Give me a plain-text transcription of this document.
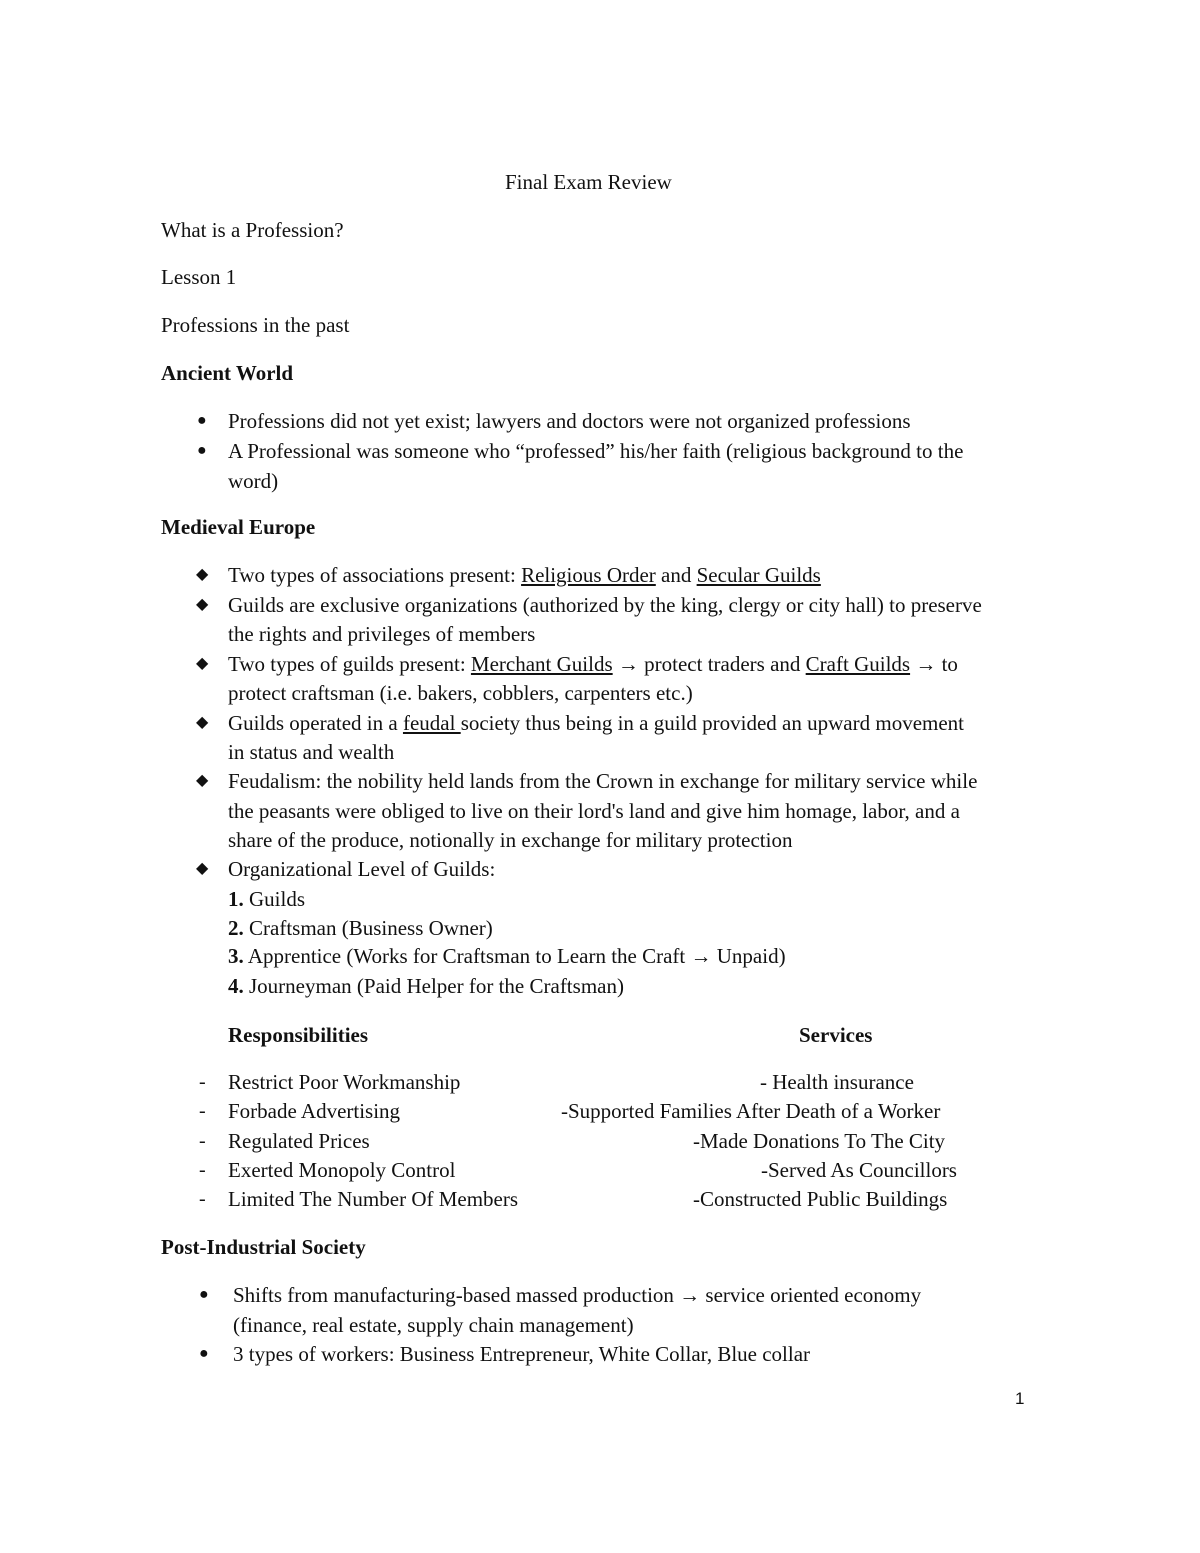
Final Exam Review
What is a Profession?
Lesson 1
Professions in the past
Ancient World
● Professions did not yet exist; lawyers and doctors were not organized professions
● A Professional was someone who “professed” his/her faith (religious background to the
word)
Medieval Europe
◆ Two types of associations present: Religious Order and Secular Guilds
◆ Guilds are exclusive organizations (authorized by the king, clergy or city hall) to preserve
the rights and privileges of members
◆ Two types of guilds present: Merchant Guilds → protect traders and Craft Guilds → to
protect craftsman (i.e. bakers, cobblers, carpenters etc.)
◆ Guilds operated in a feudal society thus being in a guild provided an upward movement
in status and wealth
◆ Feudalism: the nobility held lands from the Crown in exchange for military service while
the peasants were obliged to live on their lord's land and give him homage, labor, and a
share of the produce, notionally in exchange for military protection
◆ Organizational Level of Guilds:
1. Guilds
2. Craftsman (Business Owner)
3. Apprentice (Works for Craftsman to Learn the Craft → Unpaid)
4. Journeyman (Paid Helper for the Craftsman)
Responsibilities	Services
- Restrict Poor Workmanship	- Health insurance
- Forbade Advertising	-Supported Families After Death of a Worker
- Regulated Prices	-Made Donations To The City
- Exerted Monopoly Control	-Served As Councillors
- Limited The Number Of Members	-Constructed Public Buildings
Post-Industrial Society
● Shifts from manufacturing-based massed production → service oriented economy
(finance, real estate, supply chain management)
● 3 types of workers: Business Entrepreneur, White Collar, Blue collar
1
